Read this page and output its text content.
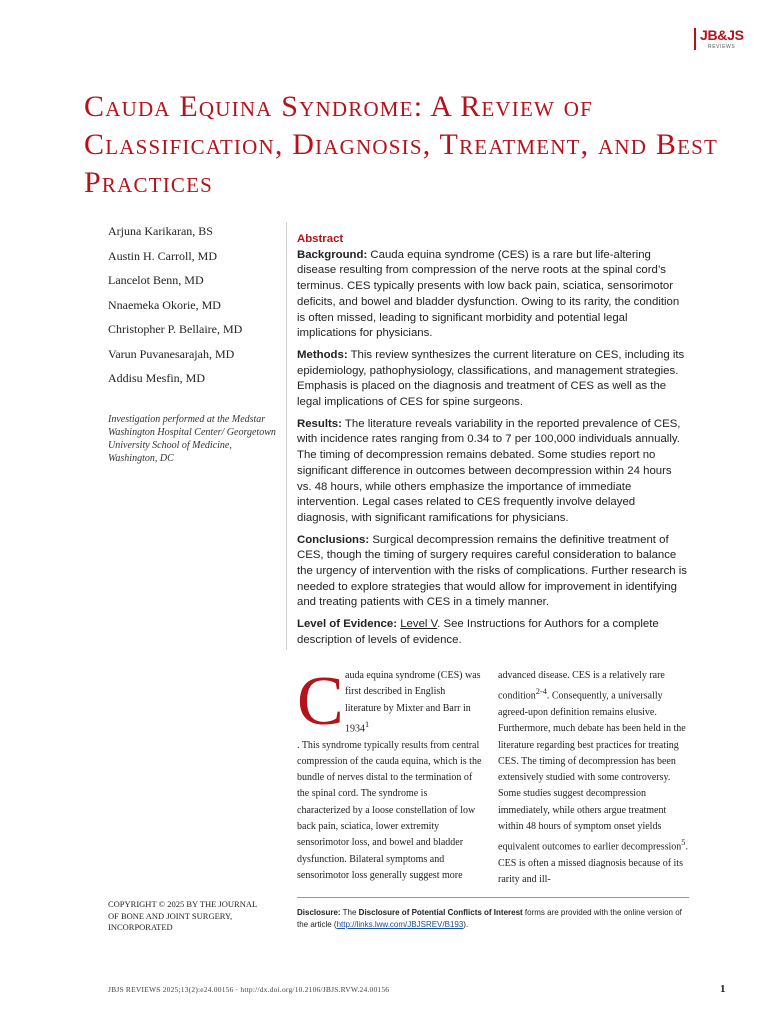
JB&JS
REVIEWS
Cauda Equina Syndrome: A Review of Classification, Diagnosis, Treatment, and Best Practices
Arjuna Karikaran, BS
Austin H. Carroll, MD
Lancelot Benn, MD
Nnaemeka Okorie, MD
Christopher P. Bellaire, MD
Varun Puvanesarajah, MD
Addisu Mesfin, MD
Investigation performed at the Medstar Washington Hospital Center/ Georgetown University School of Medicine, Washington, DC
Abstract

Background: Cauda equina syndrome (CES) is a rare but life-altering disease resulting from compression of the nerve roots at the spinal cord’s terminus. CES typically presents with low back pain, sciatica, sensorimotor deficits, and bowel and bladder dysfunction. Owing to its rarity, the condition is often missed, leading to significant morbidity and potential legal implications for physicians.

Methods: This review synthesizes the current literature on CES, including its epidemiology, pathophysiology, classifications, and management strategies. Emphasis is placed on the diagnosis and treatment of CES as well as the legal implications of CES for spine surgeons.

Results: The literature reveals variability in the reported prevalence of CES, with incidence rates ranging from 0.34 to 7 per 100,000 individuals annually. The timing of decompression remains debated. Some studies report no significant difference in outcomes between decompression within 24 hours vs. 48 hours, while others emphasize the importance of immediate intervention. Legal cases related to CES frequently involve delayed diagnosis, with significant ramifications for physicians.

Conclusions: Surgical decompression remains the definitive treatment of CES, though the timing of surgery requires careful consideration to balance the urgency of intervention with the risks of complications. Further research is needed to explore strategies that would allow for improvement in identifying and treating patients with CES in a timely manner.

Level of Evidence: Level V. See Instructions for Authors for a complete description of levels of evidence.

C auda equina syndrome (CES) was first described in English literature by Mixter and Barr in 1934$^1$
. This syndrome typically results from central compression of the cauda equina, which is the bundle of nerves distal to the termination of the spinal cord. The syndrome is characterized by a loose constellation of low back pain, sciatica, lower extremity sensorimotor loss, and bowel and bladder dysfunction. Bilateral symptoms and sensorimotor loss generally suggest more
advanced disease. CES is a relatively rare condition$^{2-4}$. Consequently, a universally agreed-upon definition remains elusive. Furthermore, much debate has been held in the literature regarding best practices for treating CES. The timing of decompression has been extensively studied with some controversy. Some studies suggest decompression immediately, while others argue treatment within 48 hours of symptom onset yields equivalent outcomes to earlier decompression$^5$. CES is often a missed diagnosis because of its rarity and ill-
COPYRIGHT © 2025 BY THE JOURNAL OF BONE AND JOINT SURGERY, INCORPORATED
Disclosure: The Disclosure of Potential Conflicts of Interest forms are provided with the online version of the article (http://links.lww.com/JBJSREV/B193).
JBJS REVIEWS 2025;13(2):e24.00156 · http://dx.doi.org/10.2106/JBJS.RVW.24.00156	1
